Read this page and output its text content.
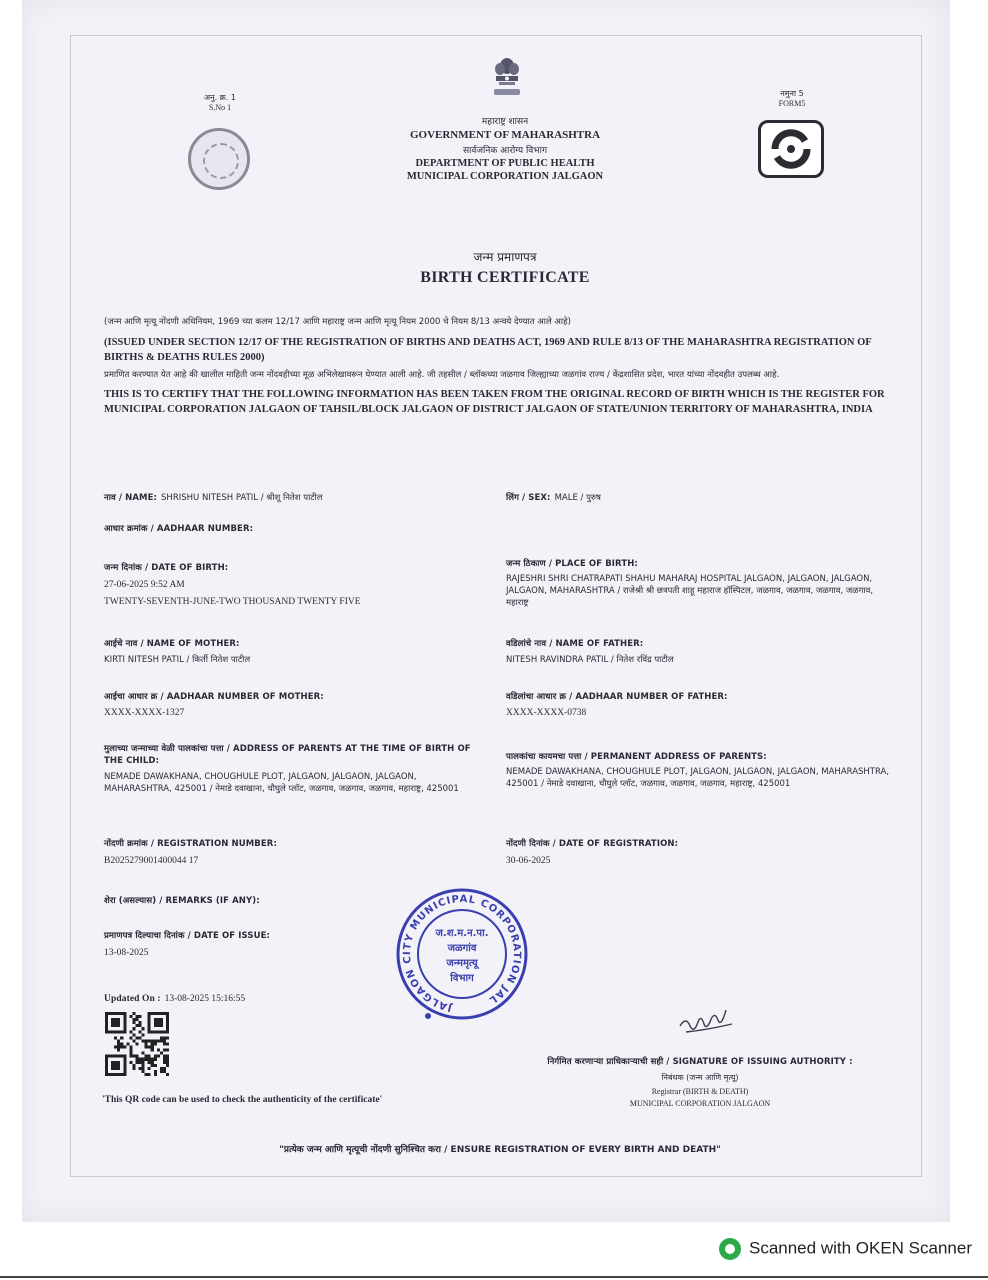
अनु. क्र. 1
S.No 1
महाराष्ट्र शासन
GOVERNMENT OF MAHARASHTRA
सार्वजनिक आरोग्य विभाग
DEPARTMENT OF PUBLIC HEALTH
MUNICIPAL CORPORATION JALGAON
नमुना 5
FORM5
जन्म प्रमाणपत्र
BIRTH CERTIFICATE
(जन्म आणि मृत्यू नोंदणी अधिनियम, 1969 च्या कलम 12/17 आणि महाराष्ट्र जन्म आणि मृत्यू नियम 2000 चे नियम 8/13 अन्वये देण्यात आले आहे)
(ISSUED UNDER SECTION 12/17 OF THE REGISTRATION OF BIRTHS AND DEATHS ACT, 1969 AND RULE 8/13 OF THE MAHARASHTRA REGISTRATION OF BIRTHS & DEATHS RULES 2000)
प्रमाणित करण्यात येत आहे की खालील माहिती जन्म नोंदवहीच्या मूळ अभिलेखावरून घेण्यात आली आहे. जी तहसील / ब्लॉकच्या जळगाव जिल्ह्याच्या जळगांव राज्य / केंद्रशासित प्रदेश, भारत यांच्या नोंदवहीत उपलब्ध आहे.
THIS IS TO CERTIFY THAT THE FOLLOWING INFORMATION HAS BEEN TAKEN FROM THE ORIGINAL RECORD OF BIRTH WHICH IS THE REGISTER FOR MUNICIPAL CORPORATION JALGAON OF TAHSIL/BLOCK JALGAON OF DISTRICT JALGAON OF STATE/UNION TERRITORY OF MAHARASHTRA, INDIA
नाव / NAME: SHRISHU NITESH PATIL / श्रीशू नितेश पाटील	लिंग / SEX: MALE / पुरुष
आधार क्रमांक / AADHAAR NUMBER:
जन्म दिनांक / DATE OF BIRTH:
27-06-2025 9:52 AM
TWENTY-SEVENTH-JUNE-TWO THOUSAND TWENTY FIVE
जन्म ठिकाण / PLACE OF BIRTH:
RAJESHRI SHRI CHATRAPATI SHAHU MAHARAJ HOSPITAL JALGAON, JALGAON, JALGAON, JALGAON, MAHARASHTRA / राजेश्री श्री छत्रपती शाहू महाराज हॉस्पिटल, जळगाव, जळगाव, जळगाव, जळगाव, महाराष्ट्र
आईचे नाव / NAME OF MOTHER:
KIRTI NITESH PATIL / किर्ती नितेश पाटील
वडिलांचे नाव / NAME OF FATHER:
NITESH RAVINDRA PATIL / नितेश रविंद्र पाटील
आईचा आधार क्र / AADHAAR NUMBER OF MOTHER:
XXXX-XXXX-1327
वडिलांचा आधार क्र / AADHAAR NUMBER OF FATHER:
XXXX-XXXX-0738
मुलाच्या जन्माच्या वेळी पालकांचा पत्ता / ADDRESS OF PARENTS AT THE TIME OF BIRTH OF THE CHILD:
NEMADE DAWAKHANA, CHOUGHULE PLOT, JALGAON, JALGAON, JALGAON, MAHARASHTRA, 425001 / नेमाडे दवाखाना, चौघुले प्लॉट, जळगाव, जळगाव, जळगाव, महाराष्ट्र, 425001
पालकांचा कायमचा पत्ता / PERMANENT ADDRESS OF PARENTS:
NEMADE DAWAKHANA, CHOUGHULE PLOT, JALGAON, JALGAON, JALGAON, MAHARASHTRA, 425001 / नेमाडे दवाखाना, चौघुले प्लॉट, जळगाव, जळगाव, जळगाव, महाराष्ट्र, 425001
नोंदणी क्रमांक / REGISTRATION NUMBER:
B2025279001400044 17
नोंदणी दिनांक / DATE OF REGISTRATION:
30-06-2025
शेरा (असल्यास) / REMARKS (IF ANY):
प्रमाणपत्र दिल्याचा दिनांक / DATE OF ISSUE:
13-08-2025
Updated On : 13-08-2025 15:16:55
'This QR code can be used to check the authenticity of the certificate'
JALGAON CITY MUNICIPAL CORPORATION JAL
ज.श.म.न.पा.
जळगांव
जन्ममृत्यू
विभाग
निर्गमित करणाऱ्या प्राधिकाऱ्याची सही / SIGNATURE OF ISSUING AUTHORITY :
निबंधक (जन्म आणि मृत्यू)
Registrar (BIRTH & DEATH)
MUNICIPAL CORPORATION JALGAON
"प्रत्येक जन्म आणि मृत्यूची नोंदणी सुनिश्चित करा / ENSURE REGISTRATION OF EVERY BIRTH AND DEATH"
Scanned with OKEN Scanner
